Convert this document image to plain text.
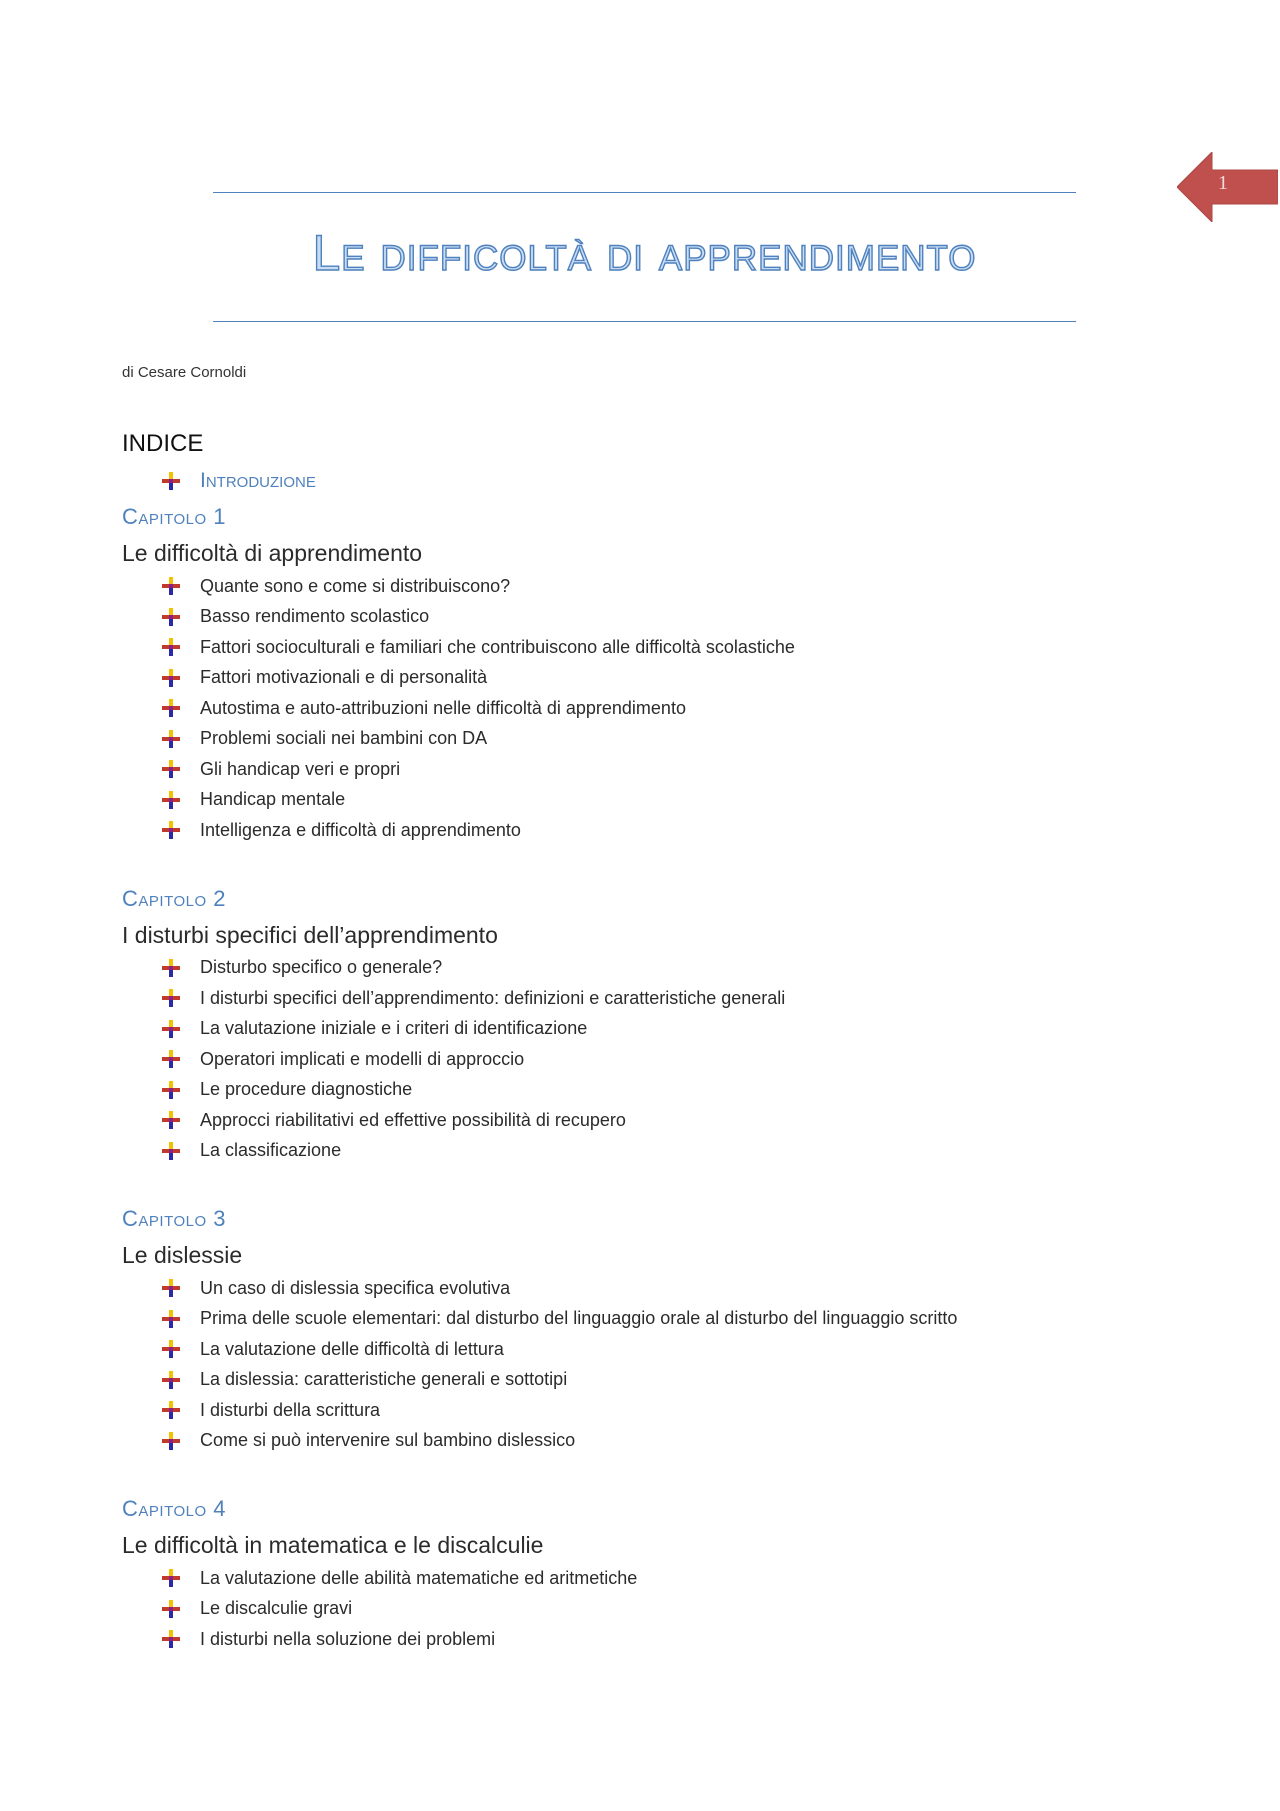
1
Le difficoltà di apprendimento
di Cesare Cornoldi
INDICE
Introduzione
Capitolo 1
Le difficoltà di apprendimento
Quante sono e come si distribuiscono?
Basso rendimento scolastico
Fattori socioculturali e familiari che contribuiscono alle difficoltà scolastiche
Fattori motivazionali e di personalità
Autostima e auto-attribuzioni nelle difficoltà di apprendimento
Problemi sociali nei bambini con DA
Gli handicap veri e propri
Handicap mentale
Intelligenza e difficoltà di apprendimento
Capitolo 2
I disturbi specifici dell’apprendimento
Disturbo specifico o generale?
I disturbi specifici dell’apprendimento: definizioni e caratteristiche generali
La valutazione iniziale e i criteri di identificazione
Operatori implicati e modelli di approccio
Le procedure diagnostiche
Approcci riabilitativi ed effettive possibilità di recupero
La classificazione
Capitolo 3
Le dislessie
Un caso di dislessia specifica evolutiva
Prima delle scuole elementari: dal disturbo del linguaggio orale al disturbo del linguaggio scritto
La valutazione delle difficoltà di lettura
La dislessia: caratteristiche generali e sottotipi
I disturbi della scrittura
Come si può intervenire sul bambino dislessico
Capitolo 4
Le difficoltà in matematica e le discalculie
La valutazione delle abilità matematiche ed aritmetiche
Le discalculie gravi
I disturbi nella soluzione dei problemi
